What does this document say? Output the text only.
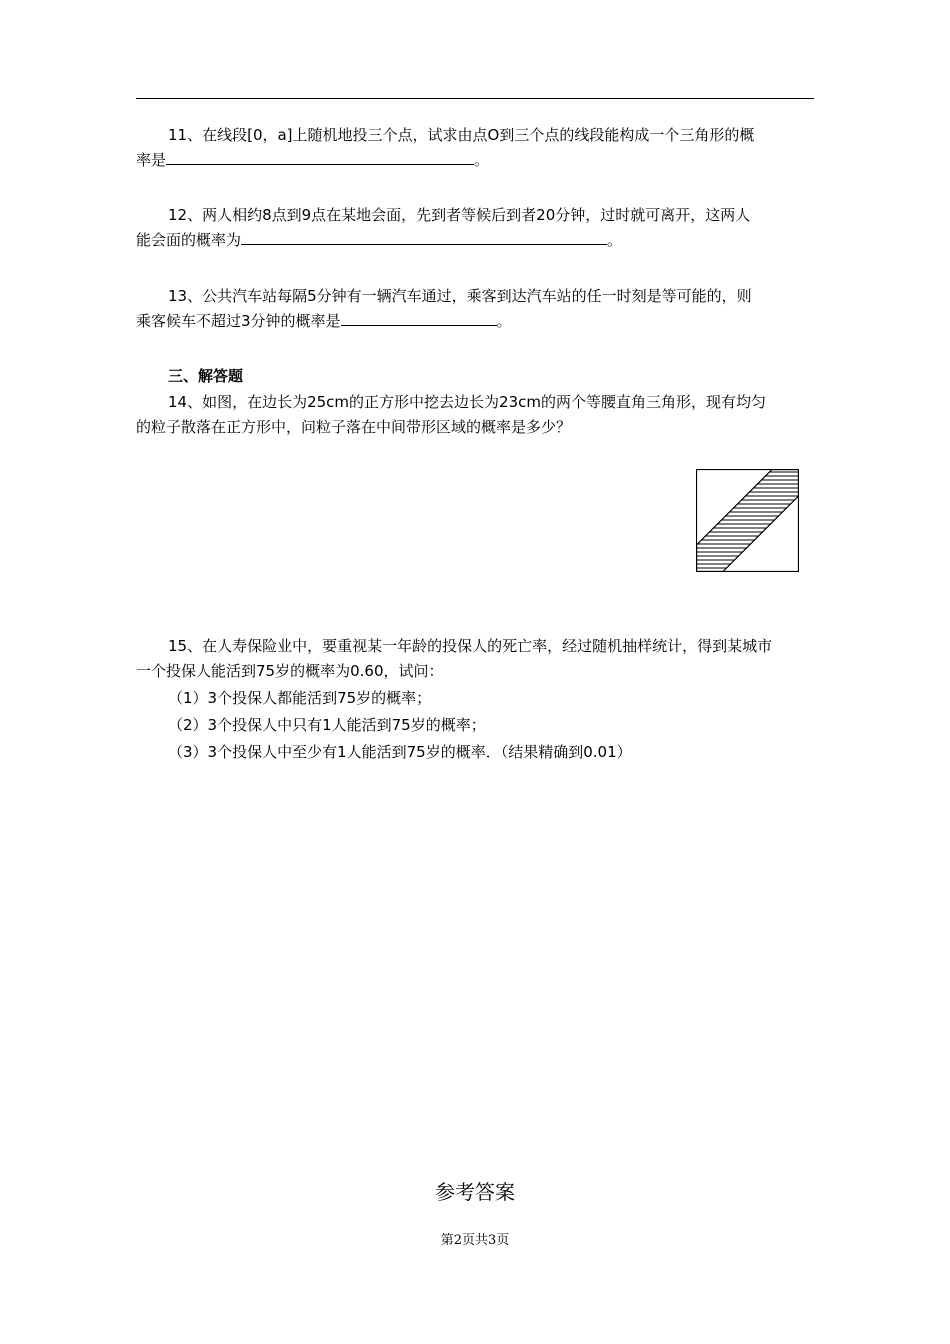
11、在线段[0，a]上随机地投三个点，试求由点O到三个点的线段能构成一个三角形的概
率是	。

12、两人相约8点到9点在某地会面，先到者等候后到者20分钟，过时就可离开，这两人
能会面的概率为	。

13、公共汽车站每隔5分钟有一辆汽车通过，乘客到达汽车站的任一时刻是等可能的，则
乘客候车不超过3分钟的概率是	。

三、解答题

14、如图，在边长为25cm的正方形中挖去边长为23cm的两个等腰直角三角形，现有均匀
的粒子散落在正方形中，问粒子落在中间带形区域的概率是多少？

15、在人寿保险业中，要重视某一年龄的投保人的死亡率，经过随机抽样统计，得到某城市
一个投保人能活到75岁的概率为0.60，试问：

（1）3个投保人都能活到75岁的概率；

（2）3个投保人中只有1人能活到75岁的概率；

（3）3个投保人中至少有1人能活到75岁的概率．（结果精确到0.01）

参考答案

第2页共3页
